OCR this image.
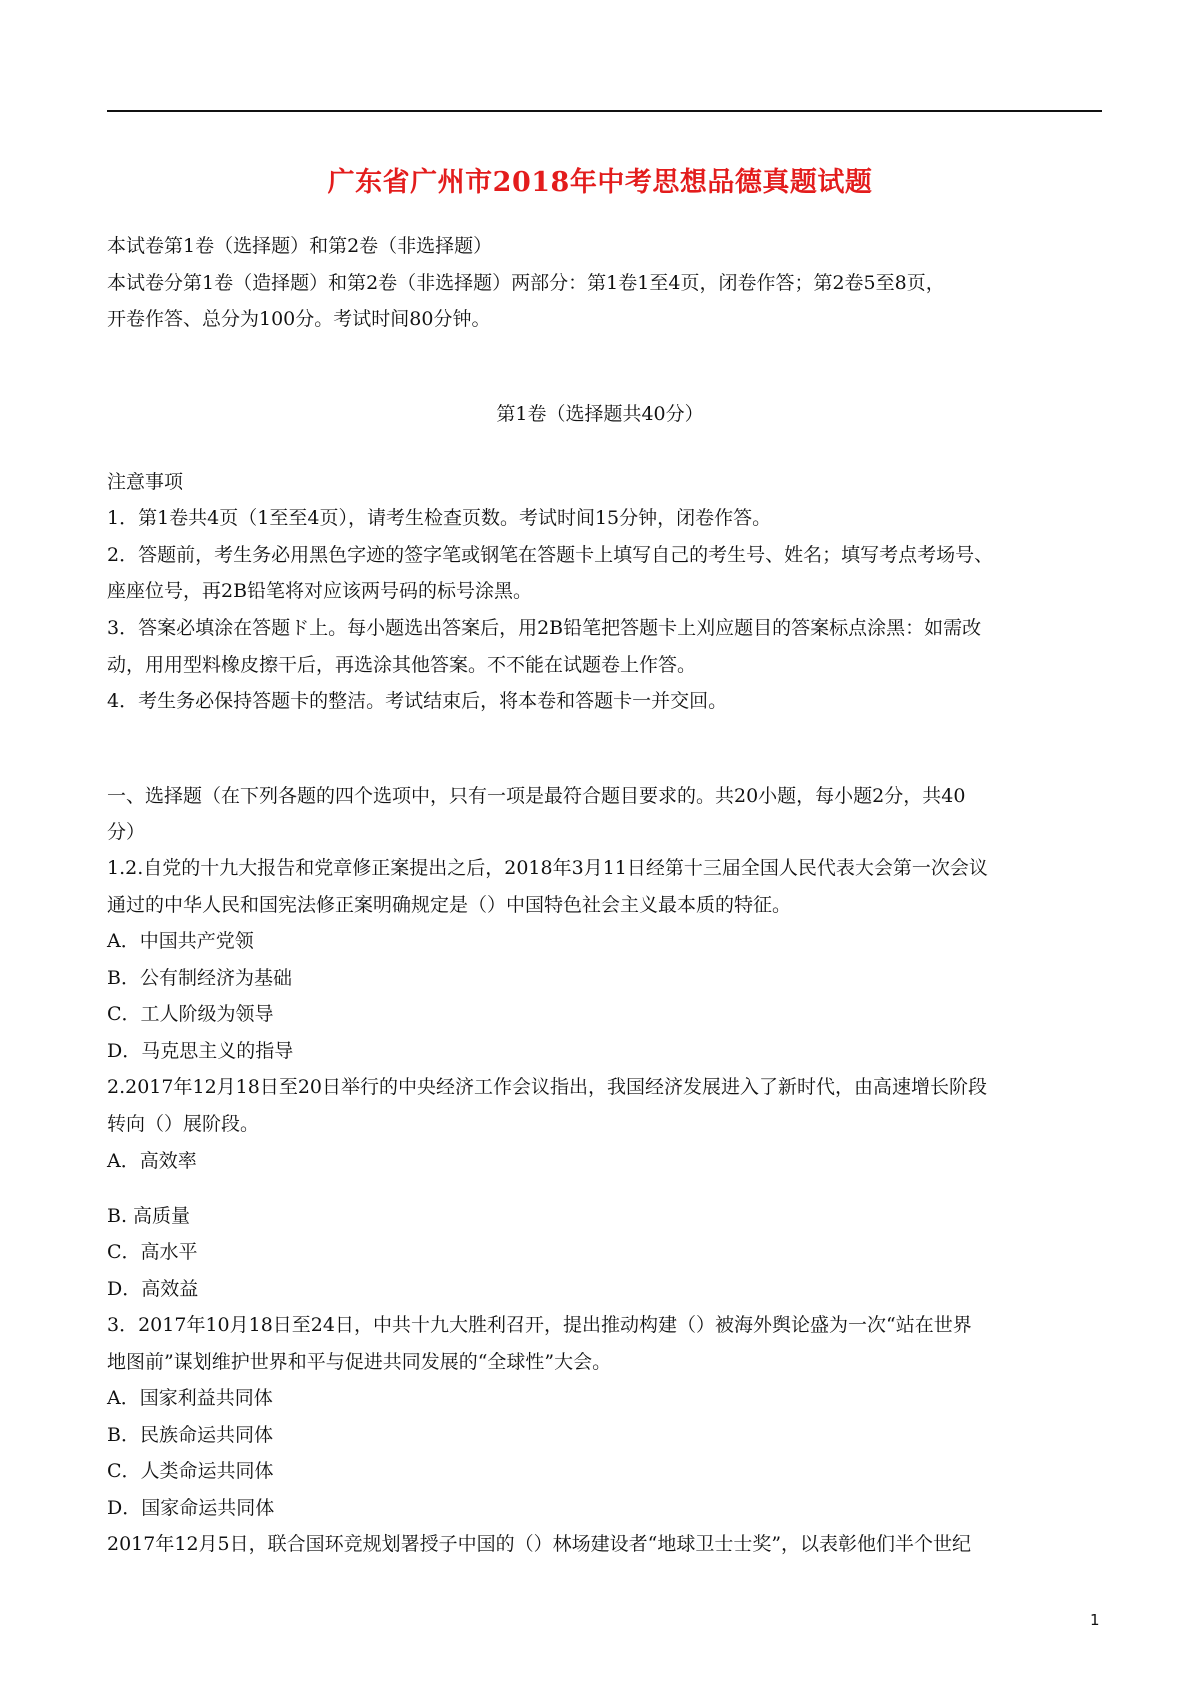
广东省广州市2018年中考思想品德真题试题
本试卷第1卷（选择题）和第2卷（非选择题）
本试卷分第1卷（造择题）和第2卷（非选择题）两部分：第1卷1至4页，闭卷作答；第2卷5至8页，
开卷作答、总分为100分。考试时间80分钟。
第1卷（选择题共40分）
注意事项
1．第1卷共4页（1至至4页），请考生检查页数。考试时间15分钟，闭卷作答。
2．答题前，考生务必用黑色字迹的签字笔或钢笔在答题卡上填写自己的考生号、姓名；填写考点考场号、
座座位号，再2B铅笔将对应该两号码的标号涂黑。
3．答案必填涂在答题ド上。每小题选出答案后，用2B铅笔把答题卡上刈应题目的答案标点涂黑：如需改
动，用用型料橡皮擦干后，再选涂其他答案。不不能在试题卷上作答。
4．考生务必保持答题卡的整洁。考试结束后，将本卷和答题卡一并交回。
一、选择题（在下列各题的四个选项中，只有一项是最符合题目要求的。共20小题，每小题2分，共40
分）
1.2.自党的十九大报告和党章修正案提出之后，2018年3月11日经第十三届全国人民代表大会第一次会议
通过的中华人民和国宪法修正案明确规定是（）中国特色社会主义最本质的特征。
A．中国共产党领
B．公有制经济为基础
C．工人阶级为领导
D．马克思主义的指导
2.2017年12月18日至20日举行的中央经济工作会议指出，我国经济发展进入了新时代，由高速增长阶段
转向（）展阶段。
A．高效率
B. 高质量
C．高水平
D．高效益
3．2017年10月18日至24日，中共十九大胜利召开，提出推动构建（）被海外舆论盛为一次“站在世界
地图前”谋划维护世界和平与促进共同发展的“全球性”大会。
A．国家利益共同体
B．民族命运共同体
C．人类命运共同体
D．国家命运共同体
2017年12月5日，联合国环竞规划署授子中国的（）林场建设者“地球卫士士奖”，以表彰他们半个世纪
1
